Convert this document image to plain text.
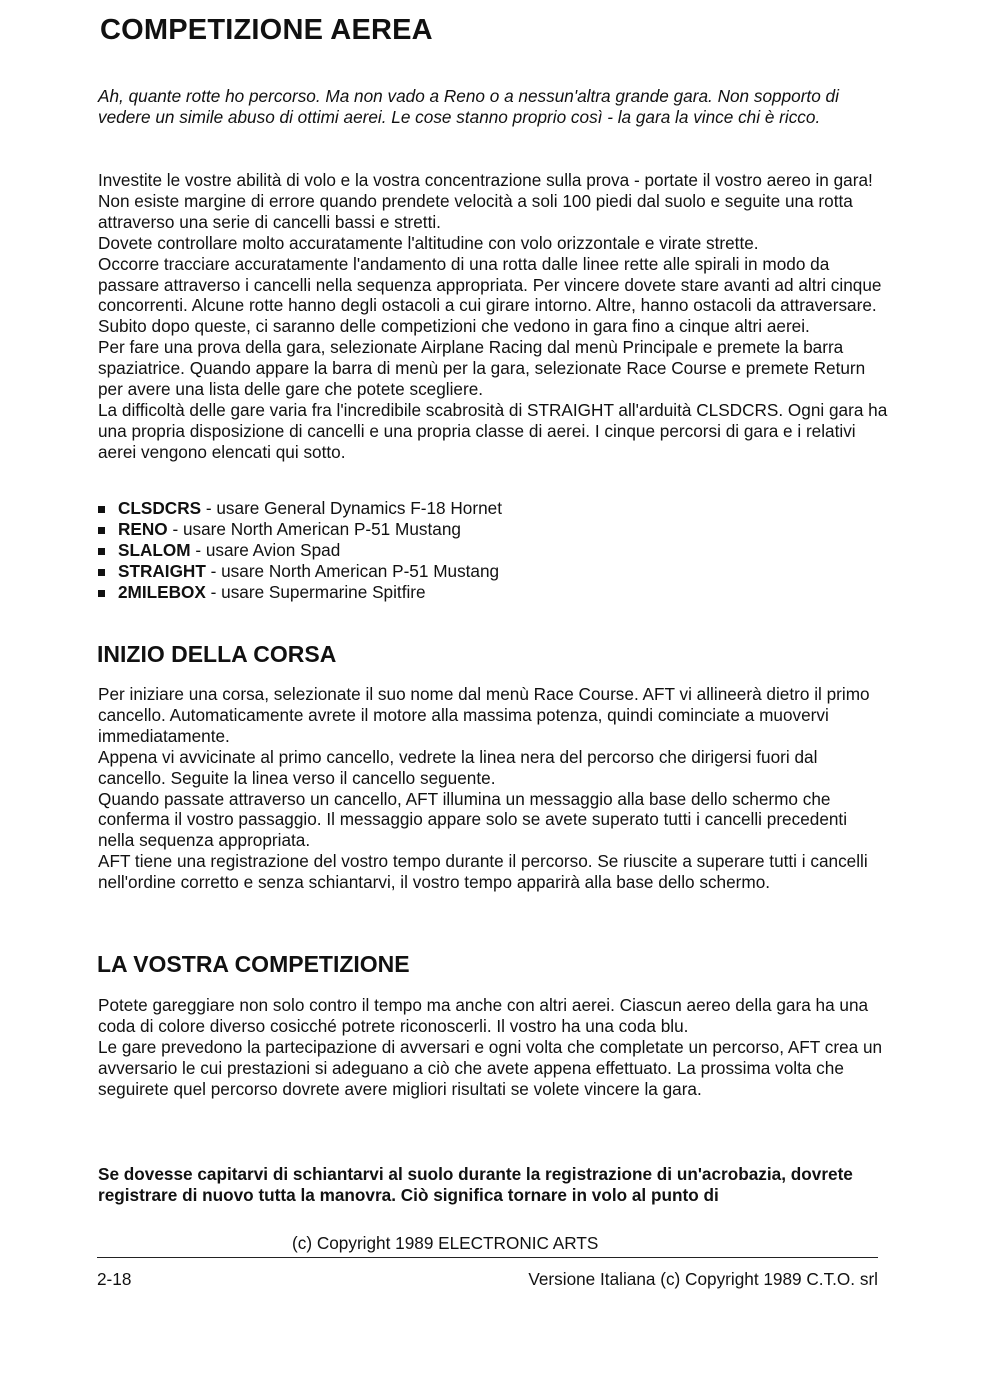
COMPETIZIONE AEREA

Ah, quante rotte ho percorso. Ma non vado a Reno o a nessun'altra grande gara. Non sopporto di vedere un simile abuso di ottimi aerei. Le cose stanno proprio così - la gara la vince chi è ricco.

Investite le vostre abilità di volo e la vostra concentrazione sulla prova - portate il vostro aereo in gara! Non esiste margine di errore quando prendete velocità a soli 100 piedi dal suolo e seguite una rotta attraverso una serie di cancelli bassi e stretti.

Dovete controllare molto accuratamente l'altitudine con volo orizzontale e virate strette.

Occorre tracciare accuratamente l'andamento di una rotta dalle linee rette alle spirali in modo da passare attraverso i cancelli nella sequenza appropriata. Per vincere dovete stare avanti ad altri cinque concorrenti. Alcune rotte hanno degli ostacoli a cui girare intorno. Altre, hanno ostacoli da attraversare. Subito dopo queste, ci saranno delle competizioni che vedono in gara fino a cinque altri aerei.

Per fare una prova della gara, selezionate Airplane Racing dal menù Principale e premete la barra spaziatrice. Quando appare la barra di menù per la gara, selezionate Race Course e premete Return per avere una lista delle gare che potete scegliere.

La difficoltà delle gare varia fra l'incredibile scabrosità di STRAIGHT all'arduità CLSDCRS. Ogni gara ha una propria disposizione di cancelli e una propria classe di aerei. I cinque percorsi di gara e i relativi aerei vengono elencati qui sotto.

CLSDCRS - usare General Dynamics F-18 Hornet
RENO - usare North American P-51 Mustang
SLALOM - usare Avion Spad
STRAIGHT - usare North American P-51 Mustang
2MILEBOX - usare Supermarine Spitfire
INIZIO DELLA CORSA

Per iniziare una corsa, selezionate il suo nome dal menù Race Course. AFT vi allineerà dietro il primo cancello. Automaticamente avrete il motore alla massima potenza, quindi cominciate a muovervi immediatamente.

Appena vi avvicinate al primo cancello, vedrete la linea nera del percorso che dirigersi fuori dal cancello. Seguite la linea verso il cancello seguente.

Quando passate attraverso un cancello, AFT illumina un messaggio alla base dello schermo che conferma il vostro passaggio. Il messaggio appare solo se avete superato tutti i cancelli precedenti nella sequenza appropriata.

AFT tiene una registrazione del vostro tempo durante il percorso. Se riuscite a superare tutti i cancelli nell'ordine corretto e senza schiantarvi, il vostro tempo apparirà alla base dello schermo.

LA VOSTRA COMPETIZIONE

Potete gareggiare non solo contro il tempo ma anche con altri aerei. Ciascun aereo della gara ha una coda di colore diverso cosicché potrete riconoscerli. Il vostro ha una coda blu.

Le gare prevedono la partecipazione di avversari e ogni volta che completate un percorso, AFT crea un avversario le cui prestazioni si adeguano a ciò che avete appena effettuato. La prossima volta che seguirete quel percorso dovrete avere migliori risultati se volete vincere la gara.

Se dovesse capitarvi di schiantarvi al suolo durante la registrazione di un'acrobazia, dovrete registrare di nuovo tutta la manovra. Ciò significa tornare in volo al punto di

(c) Copyright 1989 ELECTRONIC ARTS
2-18	Versione Italiana (c) Copyright 1989 C.T.O. srl
